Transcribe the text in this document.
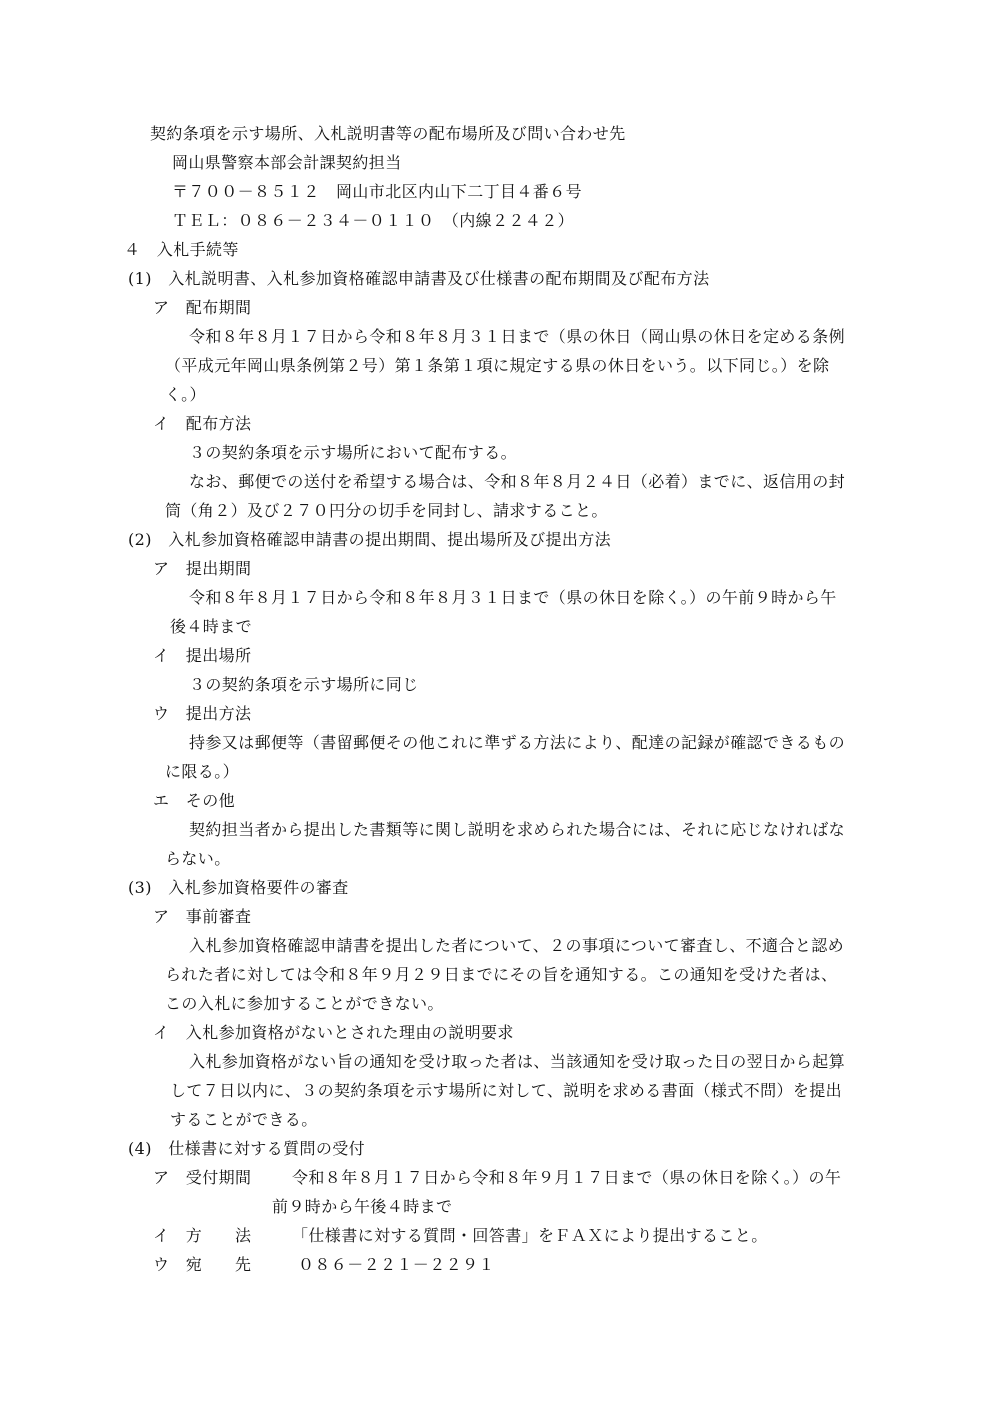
契約条項を示す場所、入札説明書等の配布場所及び問い合わせ先

岡山県警察本部会計課契約担当

〒７００－８５１２　岡山市北区内山下二丁目４番６号

ＴＥＬ：０８６－２３４－０１１０　（内線２２４２）

４　入札手続等

(1)　入札説明書、入札参加資格確認申請書及び仕様書の配布期間及び配布方法

ア　配布期間

令和８年８月１７日から令和８年８月３１日まで（県の休日（岡山県の休日を定める条例

（平成元年岡山県条例第２号）第１条第１項に規定する県の休日をいう。以下同じ。）を除

く。）

イ　配布方法

３の契約条項を示す場所において配布する。

なお、郵便での送付を希望する場合は、令和８年８月２４日（必着）までに、返信用の封

筒（角２）及び２７０円分の切手を同封し、請求すること。

(2)　入札参加資格確認申請書の提出期間、提出場所及び提出方法

ア　提出期間

令和８年８月１７日から令和８年８月３１日まで（県の休日を除く。）の午前９時から午

後４時まで

イ　提出場所

３の契約条項を示す場所に同じ

ウ　提出方法

持参又は郵便等（書留郵便その他これに準ずる方法により、配達の記録が確認できるもの

に限る。）

エ　その他

契約担当者から提出した書類等に関し説明を求められた場合には、それに応じなければな

らない。

(3)　入札参加資格要件の審査

ア　事前審査

入札参加資格確認申請書を提出した者について、２の事項について審査し、不適合と認め

られた者に対しては令和８年９月２９日までにその旨を通知する。この通知を受けた者は、

この入札に参加することができない。

イ　入札参加資格がないとされた理由の説明要求

入札参加資格がない旨の通知を受け取った者は、当該通知を受け取った日の翌日から起算

して７日以内に、３の契約条項を示す場所に対して、説明を求める書面（様式不問）を提出

することができる。

(4)　仕様書に対する質問の受付

ア　受付期間	令和８年８月１７日から令和８年９月１７日まで（県の休日を除く。）の午

前９時から午後４時まで

イ　方　　法	「仕様書に対する質問・回答書」をＦＡＸにより提出すること。

ウ　宛　　先	０８６－２２１－２２９１
